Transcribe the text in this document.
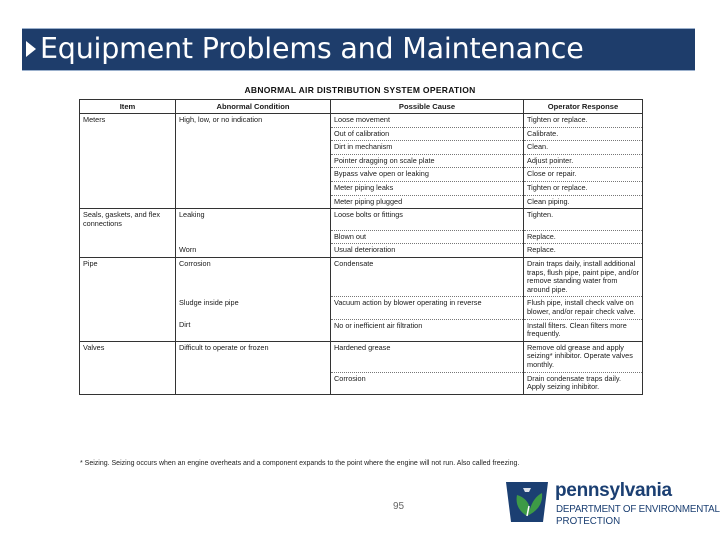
Equipment Problems and Maintenance
ABNORMAL AIR DISTRIBUTION SYSTEM OPERATION
Item	Abnormal Condition	Possible Cause	Operator Response
Meters	High, low, or no indication	Loose movement	Tighten or replace.
		Out of calibration	Calibrate.
		Dirt in mechanism	Clean.
		Pointer dragging on scale plate	Adjust pointer.
		Bypass valve open or leaking	Close or repair.
		Meter piping leaks	Tighten or replace.
		Meter piping plugged	Clean piping.
Seals, gaskets, and flex connections	Leaking	Loose bolts or fittings	Tighten.
		Blown out	Replace.
	Worn	Usual deterioration	Replace.
Pipe	Corrosion	Condensate	Drain traps daily, install additional traps, flush pipe, paint pipe, and/or remove standing water from around pipe.
	Sludge inside pipe	Vacuum action by blower operating in reverse	Flush pipe, install check valve on blower, and/or repair check valve.
	Dirt	No or inefficient air filtration	Install filters. Clean filters more frequently.
Valves	Difficult to operate or frozen	Hardened grease	Remove old grease and apply seizing* inhibitor. Operate valves monthly.
		Corrosion	Drain condensate traps daily. Apply seizing inhibitor.
* Seizing. Seizing occurs when an engine overheats and a component expands to the point where the engine will not run. Also called freezing.
95
pennsylvania
DEPARTMENT OF ENVIRONMENTAL
PROTECTION
